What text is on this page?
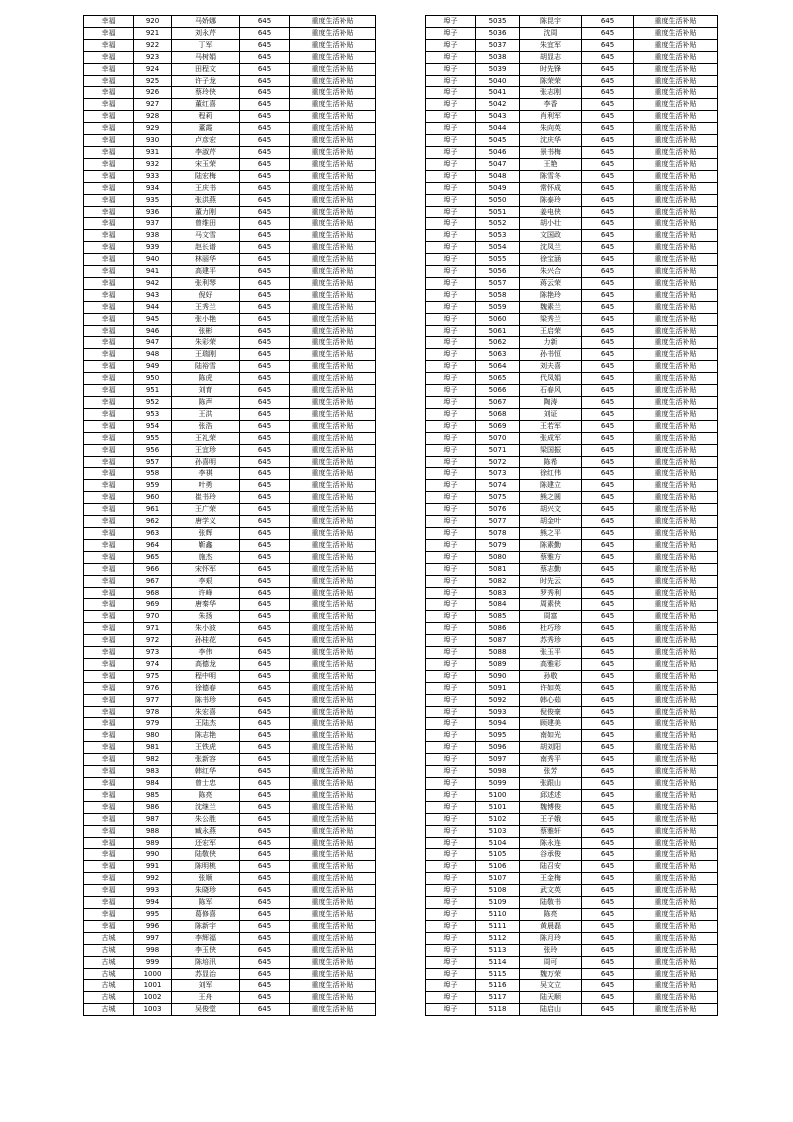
幸福	920	马娇娜	645	重度生活补贴
幸福	921	刘永芹	645	重度生活补贴
幸福	922	丁军	645	重度生活补贴
幸福	923	马树娟	645	重度生活补贴
幸福	924	田程文	645	重度生活补贴
幸福	925	许子龙	645	重度生活补贴
幸福	926	蔡玲侠	645	重度生活补贴
幸福	927	董红喜	645	重度生活补贴
幸福	928	程莉	645	重度生活补贴
幸福	929	董霞	645	重度生活补贴
幸福	930	卢彦宏	645	重度生活补贴
幸福	931	李淑芹	645	重度生活补贴
幸福	932	宋玉荣	645	重度生活补贴
幸福	933	陆宏梅	645	重度生活补贴
幸福	934	王庆书	645	重度生活补贴
幸福	935	张洪燕	645	重度生活补贴
幸福	936	董力刚	645	重度生活补贴
幸福	937	曾维田	645	重度生活补贴
幸福	938	马文雪	645	重度生活补贴
幸福	939	赵长谱	645	重度生活补贴
幸福	940	林丽华	645	重度生活补贴
幸福	941	高建平	645	重度生活补贴
幸福	942	张利琴	645	重度生活补贴
幸福	943	倪好	645	重度生活补贴
幸福	944	王秀兰	645	重度生活补贴
幸福	945	张小艳	645	重度生活补贴
幸福	946	张彬	645	重度生活补贴
幸福	947	朱彩荣	645	重度生活补贴
幸福	948	王瑞刚	645	重度生活补贴
幸福	949	陆裕雪	645	重度生活补贴
幸福	950	陈虎	645	重度生活补贴
幸福	951	刘育	645	重度生活补贴
幸福	952	陈声	645	重度生活补贴
幸福	953	王洪	645	重度生活补贴
幸福	954	张浩	645	重度生活补贴
幸福	955	王礼荣	645	重度生活补贴
幸福	956	王宜珍	645	重度生活补贴
幸福	957	孙喜明	645	重度生活补贴
幸福	958	李祺	645	重度生活补贴
幸福	959	叶勇	645	重度生活补贴
幸福	960	崔书玲	645	重度生活补贴
幸福	961	王广荣	645	重度生活补贴
幸福	962	唐学义	645	重度生活补贴
幸福	963	张辉	645	重度生活补贴
幸福	964	靳鑫	645	重度生活补贴
幸福	965	施杰	645	重度生活补贴
幸福	966	宋怀军	645	重度生活补贴
幸福	967	李艰	645	重度生活补贴
幸福	968	许峰	645	重度生活补贴
幸福	969	唐秦华	645	重度生活补贴
幸福	970	朱扬	645	重度生活补贴
幸福	971	朱小波	645	重度生活补贴
幸福	972	孙桂花	645	重度生活补贴
幸福	973	李伟	645	重度生活补贴
幸福	974	高德龙	645	重度生活补贴
幸福	975	程中明	645	重度生活补贴
幸福	976	徐德春	645	重度生活补贴
幸福	977	陈书珍	645	重度生活补贴
幸福	978	朱宏喜	645	重度生活补贴
幸福	979	王陆杰	645	重度生活补贴
幸福	980	陈志艳	645	重度生活补贴
幸福	981	王铁虎	645	重度生活补贴
幸福	982	张新容	645	重度生活补贴
幸福	983	韩红华	645	重度生活补贴
幸福	984	曾士忠	645	重度生活补贴
幸福	985	陈亮	645	重度生活补贴
幸福	986	沈继兰	645	重度生活补贴
幸福	987	朱公胜	645	重度生活补贴
幸福	988	臧永燕	645	重度生活补贴
幸福	989	还宏军	645	重度生活补贴
幸福	990	陆敬侠	645	重度生活补贴
幸福	991	陈明桃	645	重度生活补贴
幸福	992	张顺	645	重度生活补贴
幸福	993	朱晓珍	645	重度生活补贴
幸福	994	陈军	645	重度生活补贴
幸福	995	葛修喜	645	重度生活补贴
幸福	996	陈新宇	645	重度生活补贴
古城	997	李辉福	645	重度生活补贴
古城	998	李玉侠	645	重度生活补贴
古城	999	陈培汛	645	重度生活补贴
古城	1000	苏显治	645	重度生活补贴
古城	1001	刘军	645	重度生活补贴
古城	1002	王舟	645	重度生活补贴
古城	1003	吴俊堂	645	重度生活补贴
埠子	5035	陈昆宇	645	重度生活补贴
埠子	5036	沈周	645	重度生活补贴
埠子	5037	朱宜军	645	重度生活补贴
埠子	5038	胡显志	645	重度生活补贴
埠子	5039	时先锋	645	重度生活补贴
埠子	5040	陈荣荣	645	重度生活补贴
埠子	5041	张志刚	645	重度生活补贴
埠子	5042	李香	645	重度生活补贴
埠子	5043	肖利军	645	重度生活补贴
埠子	5044	朱向英	645	重度生活补贴
埠子	5045	沈庆华	645	重度生活补贴
埠子	5046	景书梅	645	重度生活补贴
埠子	5047	王艳	645	重度生活补贴
埠子	5048	陈雪冬	645	重度生活补贴
埠子	5049	常怀成	645	重度生活补贴
埠子	5050	陈泰玲	645	重度生活补贴
埠子	5051	姜电侠	645	重度生活补贴
埠子	5052	胡小壮	645	重度生活补贴
埠子	5053	文国政	645	重度生活补贴
埠子	5054	沈凤兰	645	重度生活补贴
埠子	5055	徐宝涵	645	重度生活补贴
埠子	5056	朱兴合	645	重度生活补贴
埠子	5057	蒋云荣	645	重度生活补贴
埠子	5058	陈艳玲	645	重度生活补贴
埠子	5059	魏素兰	645	重度生活补贴
埠子	5060	梁秀兰	645	重度生活补贴
埠子	5061	王启荣	645	重度生活补贴
埠子	5062	力新	645	重度生活补贴
埠子	5063	孙书恒	645	重度生活补贴
埠子	5064	刘夫喜	645	重度生活补贴
埠子	5065	代凤娟	645	重度生活补贴
埠子	5066	石春风	645	重度生活补贴
埠子	5067	陶涛	645	重度生活补贴
埠子	5068	刘证	645	重度生活补贴
埠子	5069	王若军	645	重度生活补贴
埠子	5070	张成军	645	重度生活补贴
埠子	5071	梁国振	645	重度生活补贴
埠子	5072	陈希	645	重度生活补贴
埠子	5073	徐红伟	645	重度生活补贴
埠子	5074	陈建立	645	重度生活补贴
埠子	5075	熊之圆	645	重度生活补贴
埠子	5076	胡兴文	645	重度生活补贴
埠子	5077	胡金叶	645	重度生活补贴
埠子	5078	熊之平	645	重度生活补贴
埠子	5079	陈素勤	645	重度生活补贴
埠子	5080	蔡雅方	645	重度生活补贴
埠子	5081	蔡志勤	645	重度生活补贴
埠子	5082	时先云	645	重度生活补贴
埠子	5083	罗秀利	645	重度生活补贴
埠子	5084	周素侠	645	重度生活补贴
埠子	5085	周富	645	重度生活补贴
埠子	5086	杜巧珍	645	重度生活补贴
埠子	5087	苏秀珍	645	重度生活补贴
埠子	5088	张玉平	645	重度生活补贴
埠子	5089	高雅彩	645	重度生活补贴
埠子	5090	孙敬	645	重度生活补贴
埠子	5091	许如英	645	重度生活补贴
埠子	5092	韩心茹	645	重度生活补贴
埠子	5093	倪俊豪	645	重度生活补贴
埠子	5094	顾建美	645	重度生活补贴
埠子	5095	南如光	645	重度生活补贴
埠子	5096	胡刘阳	645	重度生活补贴
埠子	5097	南秀平	645	重度生活补贴
埠子	5098	张芳	645	重度生活补贴
埠子	5099	张跟山	645	重度生活补贴
埠子	5100	邱述述	645	重度生活补贴
埠子	5101	魏博俊	645	重度生活补贴
埠子	5102	王子娥	645	重度生活补贴
埠子	5103	蔡雅轩	645	重度生活补贴
埠子	5104	陈永连	645	重度生活补贴
埠子	5105	谷承俊	645	重度生活补贴
埠子	5106	陆召安	645	重度生活补贴
埠子	5107	王金梅	645	重度生活补贴
埠子	5108	武文英	645	重度生活补贴
埠子	5109	陆敬书	645	重度生活补贴
埠子	5110	陈亮	645	重度生活补贴
埠子	5111	黄晨磊	645	重度生活补贴
埠子	5112	陈月玲	645	重度生活补贴
埠子	5113	张玲	645	重度生活补贴
埠子	5114	周可	645	重度生活补贴
埠子	5115	魏万荣	645	重度生活补贴
埠子	5116	吴文立	645	重度生活补贴
埠子	5117	陆天顺	645	重度生活补贴
埠子	5118	陆启山	645	重度生活补贴
